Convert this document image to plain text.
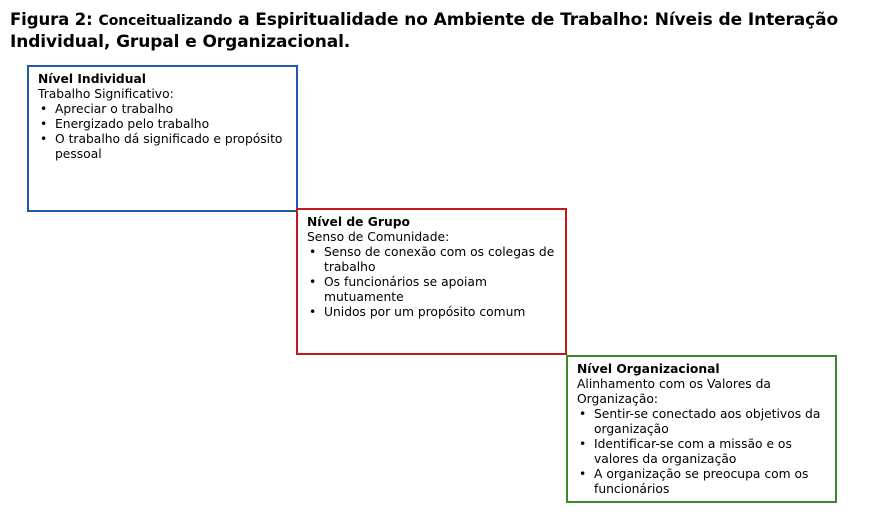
Figura 2: Conceitualizando a Espiritualidade no Ambiente de Trabalho: Níveis de Interação
Individual, Grupal e Organizacional.
Nível Individual
Trabalho Significativo:
• Apreciar o trabalho
• Energizado pelo trabalho
• O trabalho dá significado e propósito pessoal
Nível de Grupo
Senso de Comunidade:
• Senso de conexão com os colegas de trabalho
• Os funcionários se apoiam mutuamente
• Unidos por um propósito comum
Nível Organizacional
Alinhamento com os Valores da Organização:
• Sentir-se conectado aos objetivos da organização
• Identificar-se com a missão e os valores da organização
• A organização se preocupa com os funcionários
